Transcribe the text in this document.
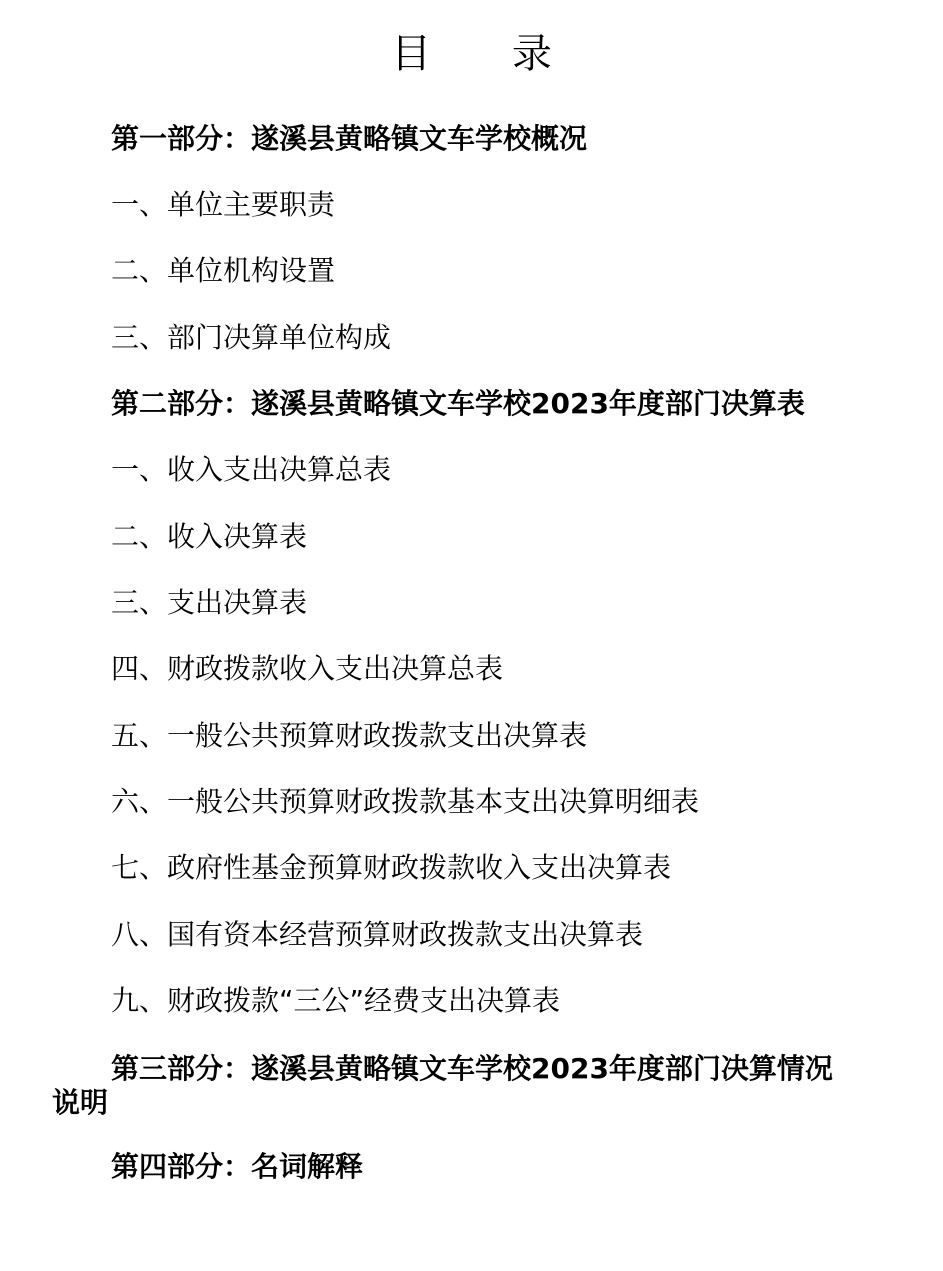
目 录
第一部分：遂溪县黄略镇文车学校概况
一、单位主要职责
二、单位机构设置
三、部门决算单位构成
第二部分：遂溪县黄略镇文车学校2023年度部门决算表
一、收入支出决算总表
二、收入决算表
三、支出决算表
四、财政拨款收入支出决算总表
五、一般公共预算财政拨款支出决算表
六、一般公共预算财政拨款基本支出决算明细表
七、政府性基金预算财政拨款收入支出决算表
八、国有资本经营预算财政拨款支出决算表
九、财政拨款“三公”经费支出决算表
第三部分：遂溪县黄略镇文车学校2023年度部门决算情况说明
第四部分：名词解释
